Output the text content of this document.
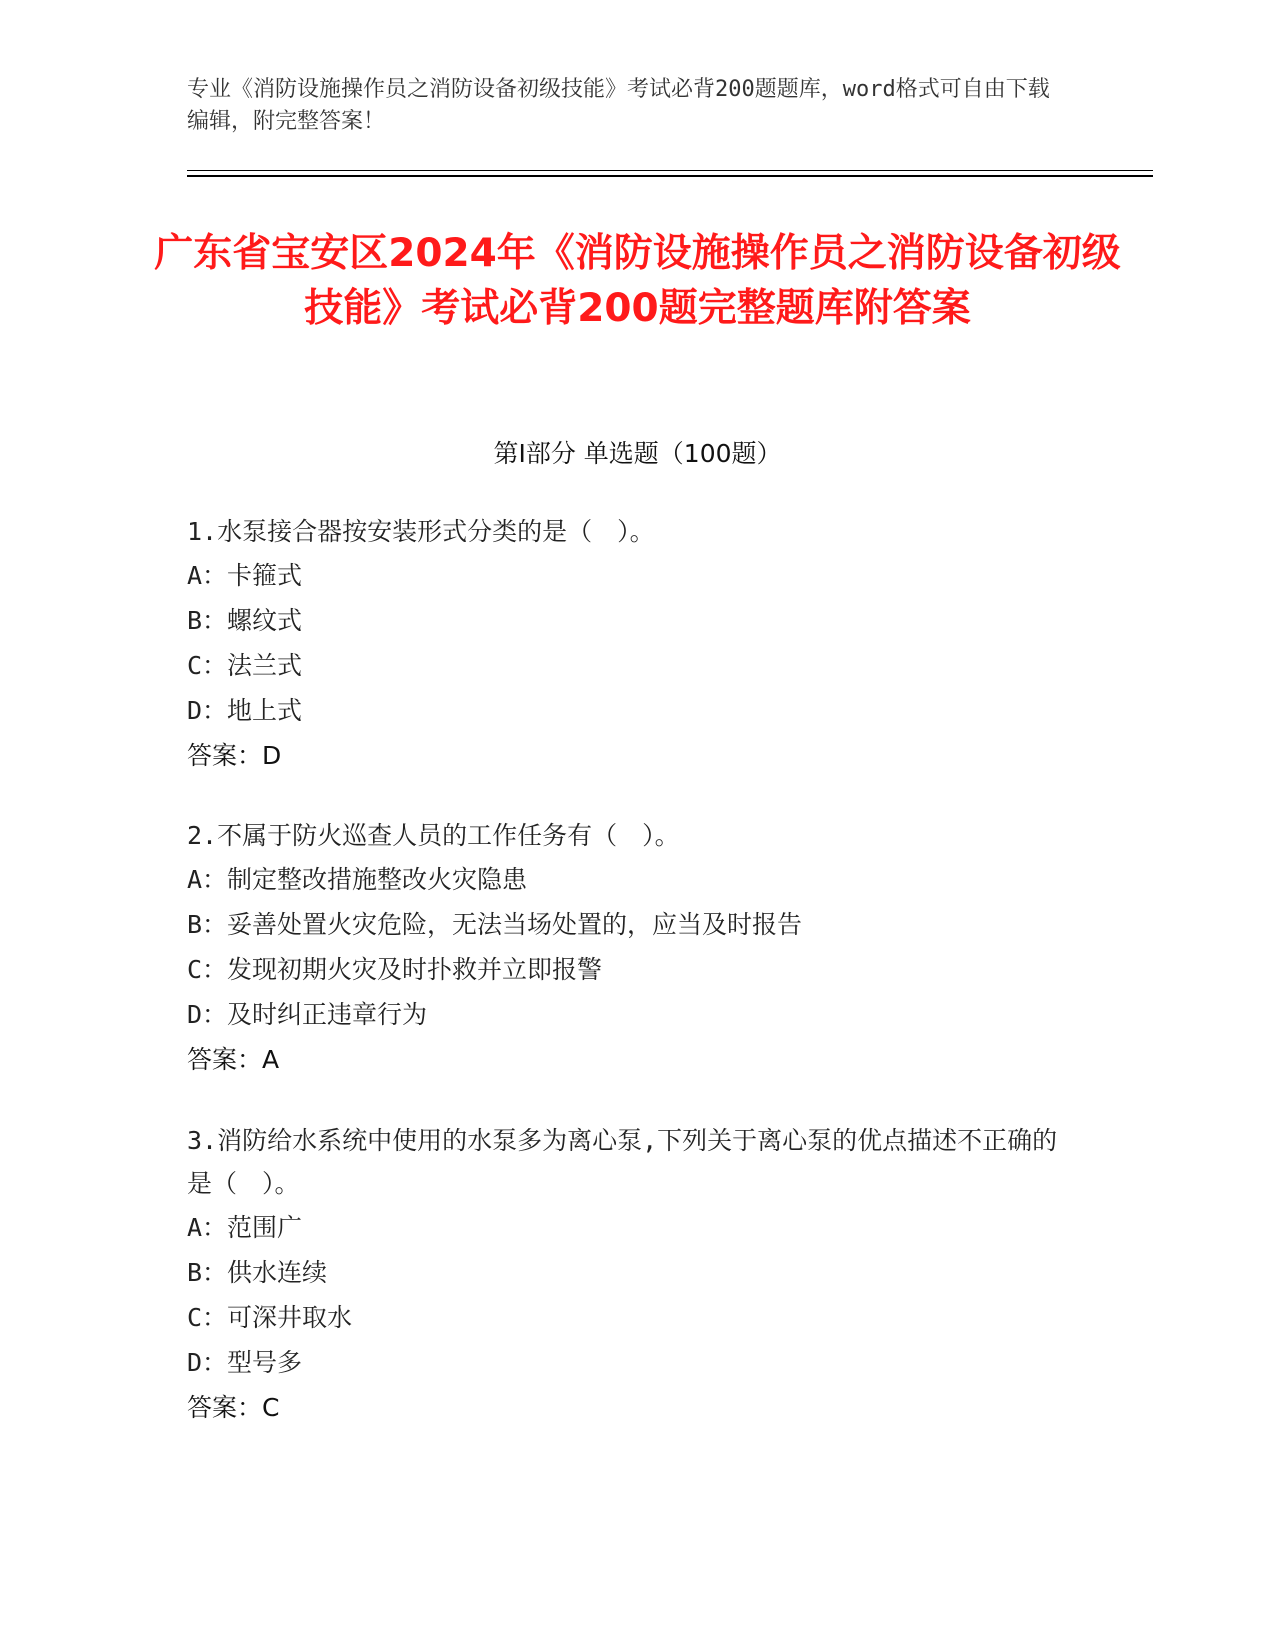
专业《消防设施操作员之消防设备初级技能》考试必背200题题库，word格式可自由下载编辑，附完整答案！
广东省宝安区2024年《消防设施操作员之消防设备初级技能》考试必背200题完整题库附答案
第Ⅰ部分 单选题（100题）

1.水泵接合器按安装形式分类的是（　）。

A：卡箍式

B：螺纹式

C：法兰式

D：地上式

答案：D

2.不属于防火巡查人员的工作任务有（　）。

A：制定整改措施整改火灾隐患

B：妥善处置火灾危险，无法当场处置的，应当及时报告

C：发现初期火灾及时扑救并立即报警

D：及时纠正违章行为

答案：A

3.消防给水系统中使用的水泵多为离心泵,下列关于离心泵的优点描述不正确的是（　）。

A：范围广

B：供水连续

C：可深井取水

D：型号多

答案：C
